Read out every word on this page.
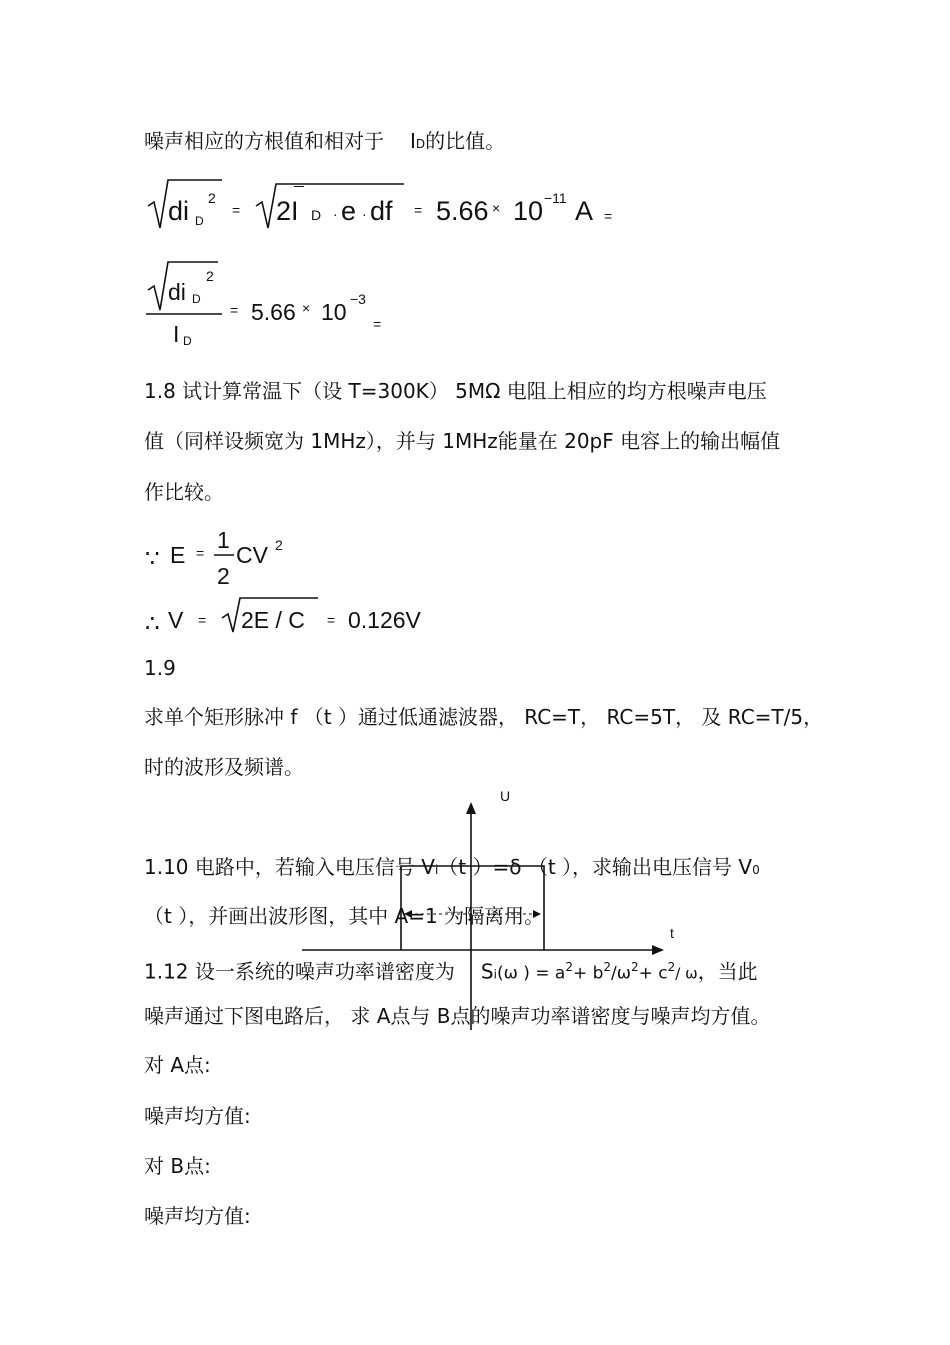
噪声相应的方根值和相对于 ID的比值。
di D
2
= 2I D · e · df = 5.66 × 10 −11 A =
di D
2
I D
= 5.66 × 10 −3
=
1.8 试计算常温下（设 T=300K） 5MΩ 电阻上相应的均方根噪声电压
值（同样设频宽为 1MHz），并与 1MHz能量在 20pF 电容上的输出幅值
作比较。
∵ E = 1
2
CV 2
∴ V = 2E / C = 0.126V
1.9
求单个矩形脉冲 f （t ）通过低通滤波器， RC=T， RC=5T， 及 RC=T/5，
时的波形及频谱。
U
t
1.10 电路中，若输入电压信号 Vi（t ）=δ （t ），求输出电压信号 V0
（t ），并画出波形图，其中 A=1 为隔离用。
1.12 设一系统的噪声功率谱密度为 Si(ω ) = $a^2+ b^2/\omega^2+ c^2/$ ω，当此
噪声通过下图电路后， 求 A点与 B点的噪声功率谱密度与噪声均方值。
对 A点:
噪声均方值:
对 B点:
噪声均方值:
